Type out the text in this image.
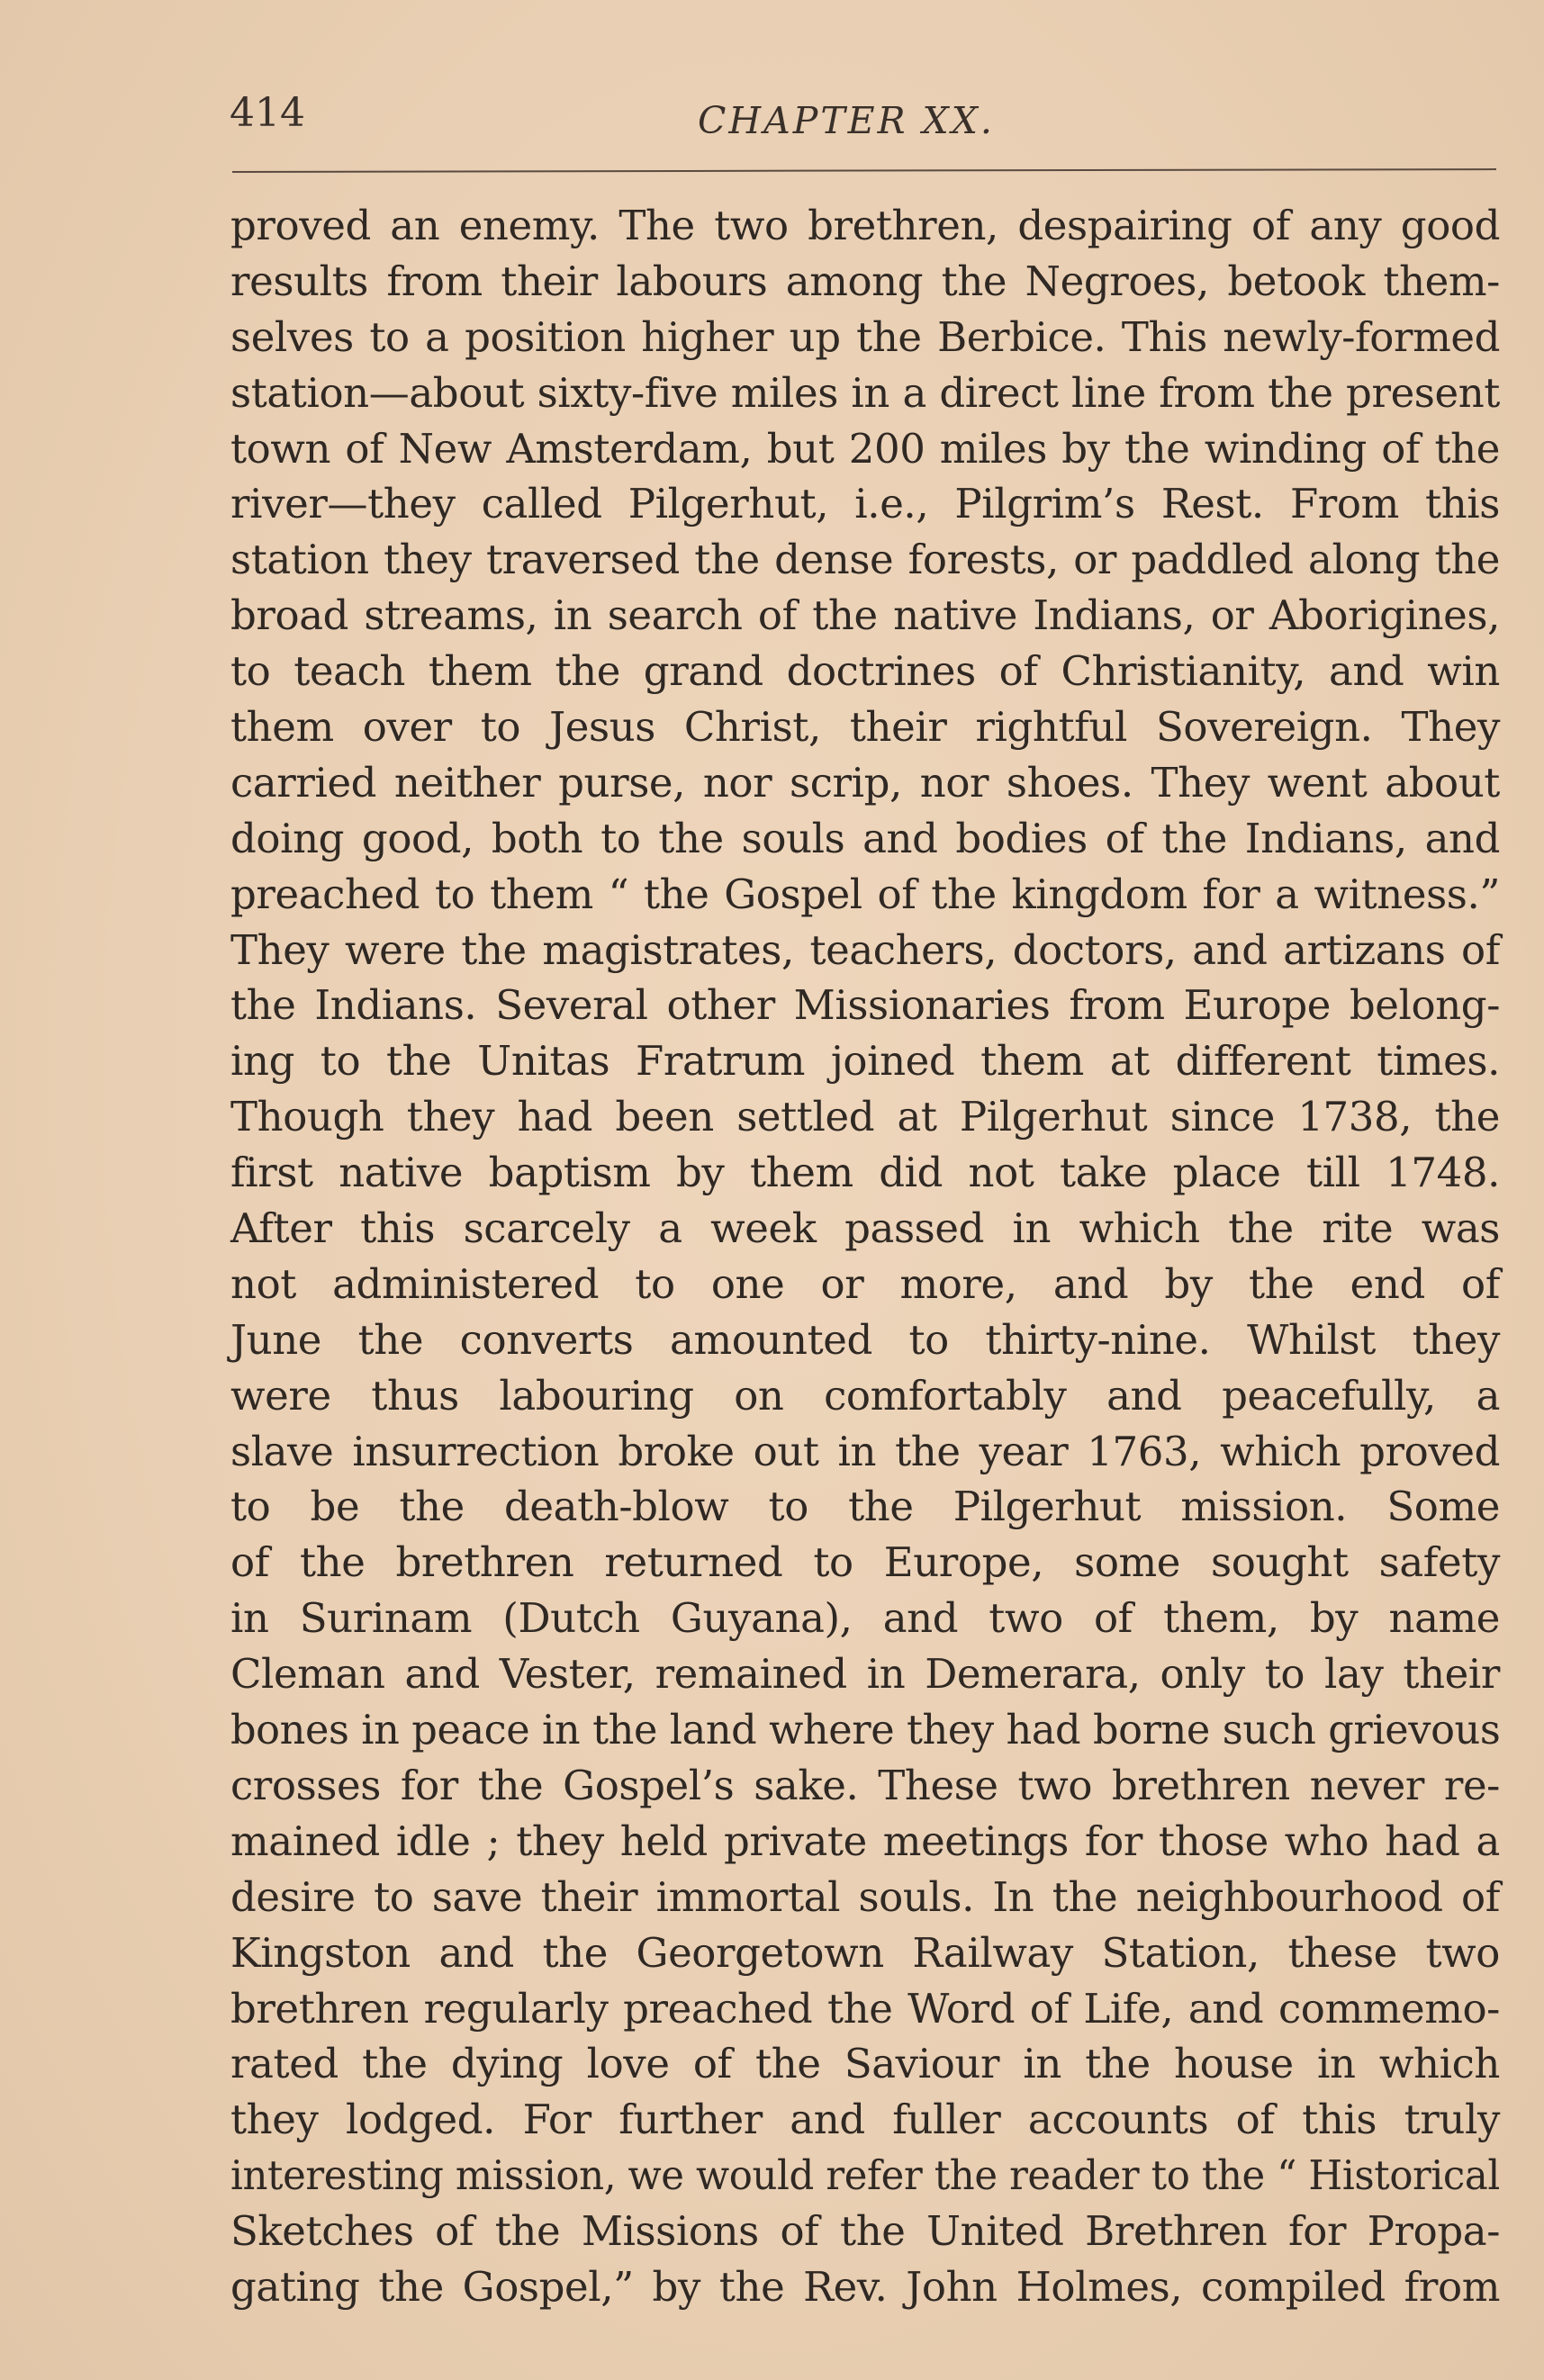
414	CHAPTER XX.
proved an enemy. The two brethren, despairing of any good
results from their labours among the Negroes, betook them-
selves to a position higher up the Berbice. This newly-formed
station—about sixty-five miles in a direct line from the present
town of New Amsterdam, but 200 miles by the winding of the
river—they called Pilgerhut, i.e., Pilgrim’s Rest. From this
station they traversed the dense forests, or paddled along the
broad streams, in search of the native Indians, or Aborigines,
to teach them the grand doctrines of Christianity, and win
them over to Jesus Christ, their rightful Sovereign. They
carried neither purse, nor scrip, nor shoes. They went about
doing good, both to the souls and bodies of the Indians, and
preached to them “ the Gospel of the kingdom for a witness.”
They were the magistrates, teachers, doctors, and artizans of
the Indians. Several other Missionaries from Europe belong-
ing to the Unitas Fratrum joined them at different times.
Though they had been settled at Pilgerhut since 1738, the
first native baptism by them did not take place till 1748.
After this scarcely a week passed in which the rite was
not administered to one or more, and by the end of
June the converts amounted to thirty-nine. Whilst they
were thus labouring on comfortably and peacefully, a
slave insurrection broke out in the year 1763, which proved
to be the death-blow to the Pilgerhut mission. Some
of the brethren returned to Europe, some sought safety
in Surinam (Dutch Guyana), and two of them, by name
Cleman and Vester, remained in Demerara, only to lay their
bones in peace in the land where they had borne such grievous
crosses for the Gospel’s sake. These two brethren never re-
mained idle ; they held private meetings for those who had a
desire to save their immortal souls. In the neighbourhood of
Kingston and the Georgetown Railway Station, these two
brethren regularly preached the Word of Life, and commemo-
rated the dying love of the Saviour in the house in which
they lodged. For further and fuller accounts of this truly
interesting mission, we would refer the reader to the “ Historical
Sketches of the Missions of the United Brethren for Propa-
gating the Gospel,” by the Rev. John Holmes, compiled from
